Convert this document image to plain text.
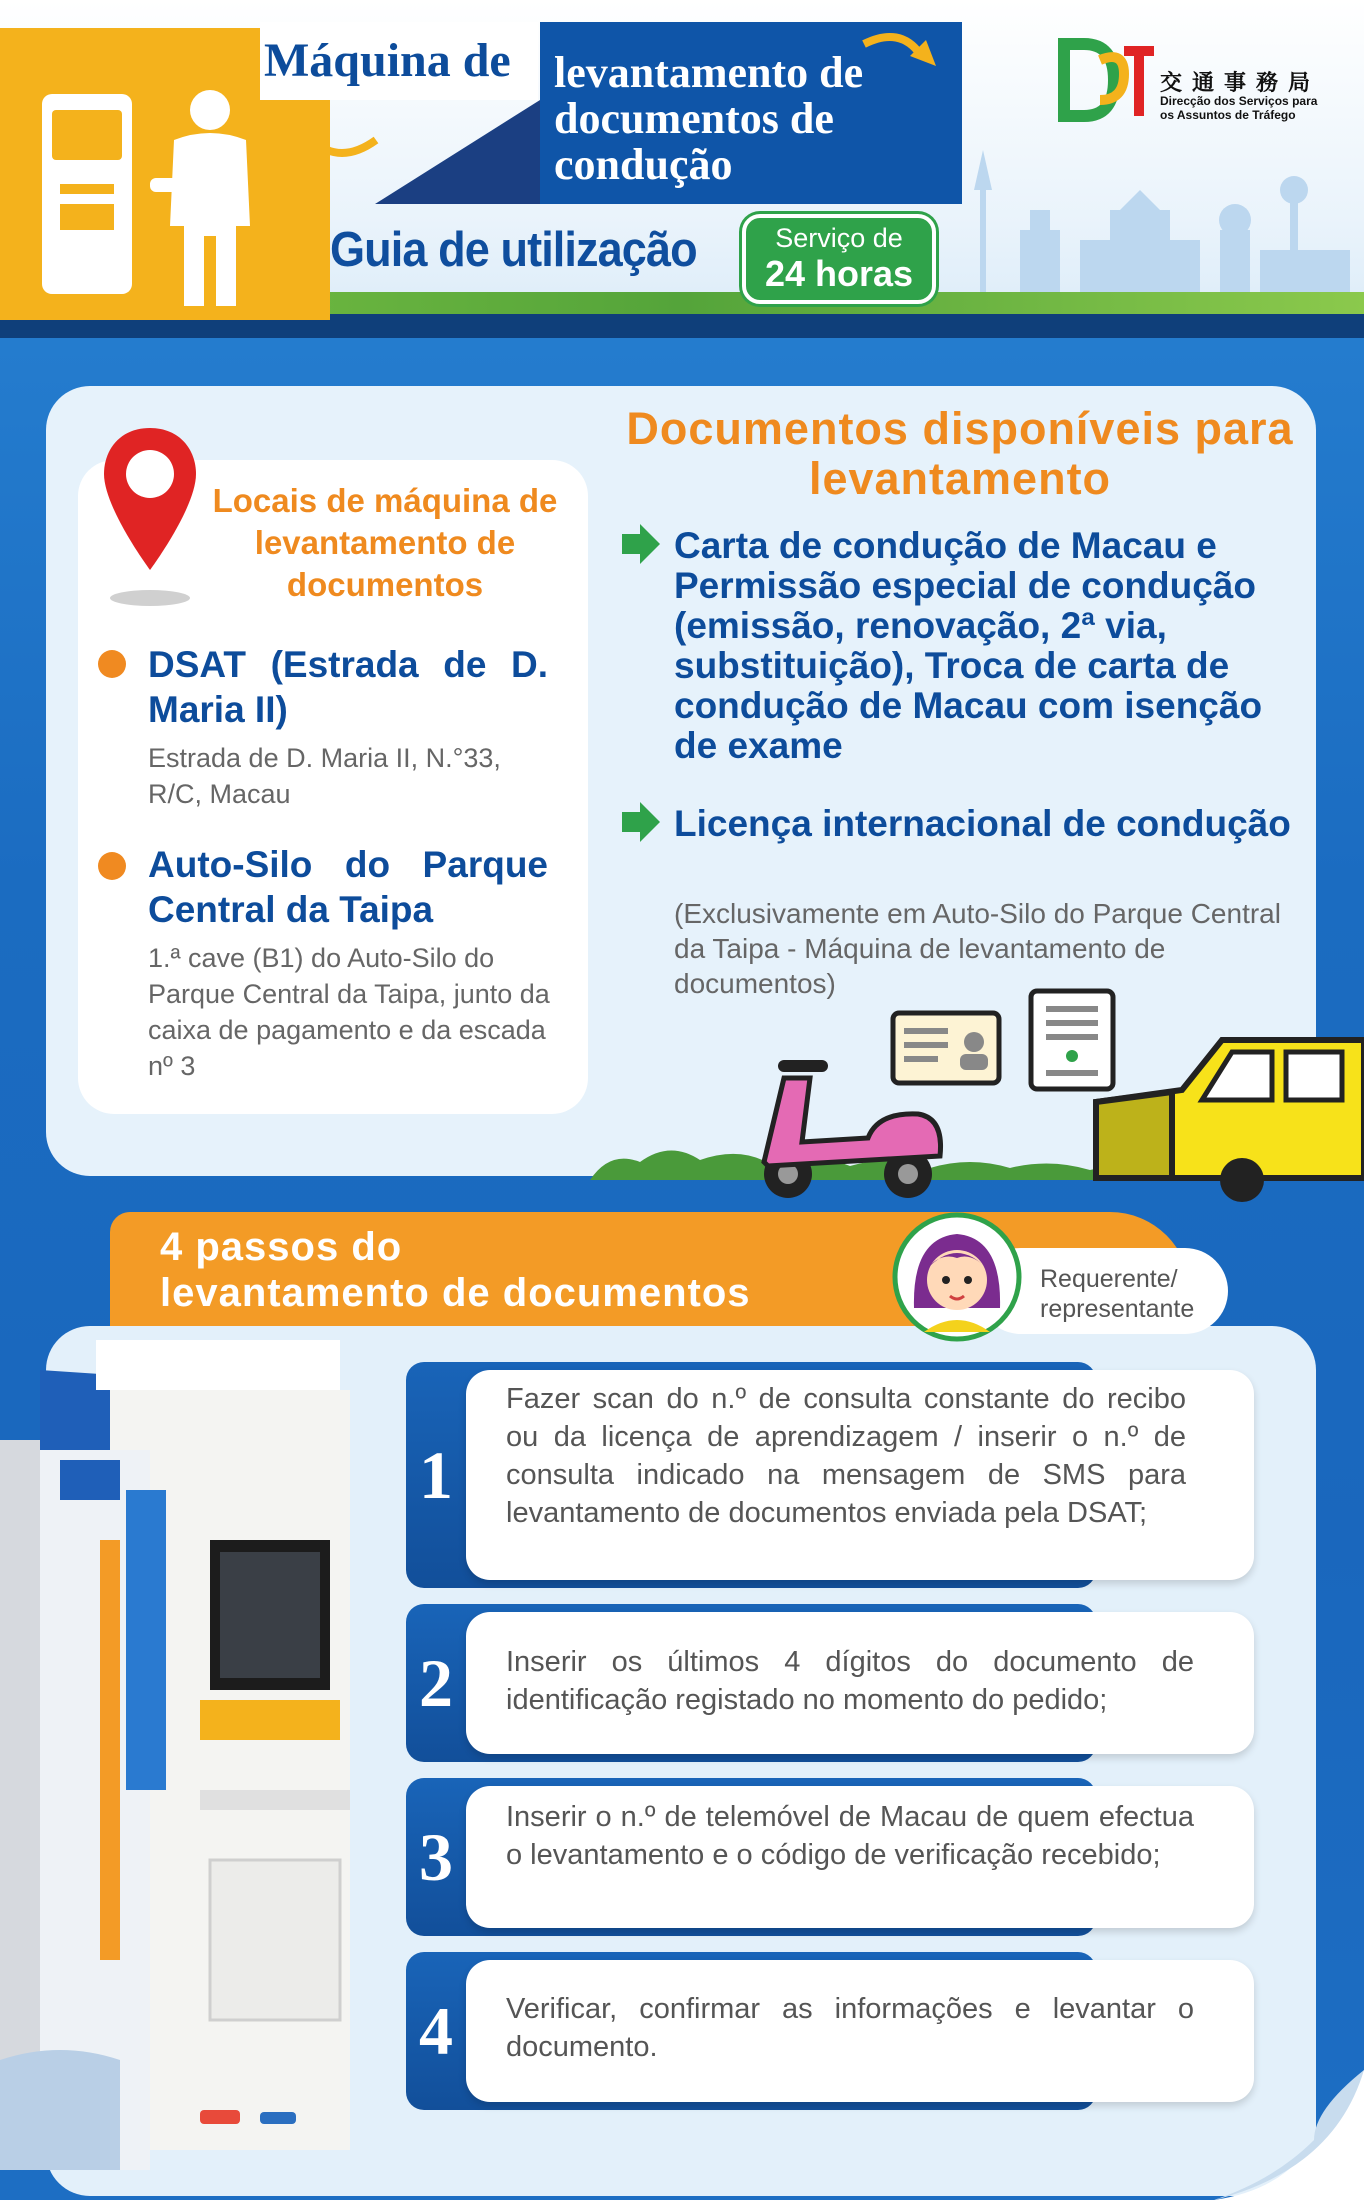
Máquina de levantamento de documentos de condução
Guia de utilização	Serviço de
24 horas
交通事務局
Direcção dos Serviços para os Assuntos de Tráfego
Locais de máquina de levantamento de documentos
DSAT (Estrada de D. Maria II)
Estrada de D. Maria II, N.°33, R/C, Macau
Auto-Silo do Parque Central da Taipa
1.ª cave (B1) do Auto-Silo do Parque Central da Taipa, junto da caixa de pagamento e da escada nº 3
Documentos disponíveis para levantamento
Carta de condução de Macau e Permissão especial de condução (emissão, renovação, 2ª via, substituição), Troca de carta de condução de Macau com isenção de exame
Licença internacional de condução
(Exclusivamente em Auto-Silo do Parque Central da Taipa - Máquina de levantamento de documentos)
4 passos do
levantamento de documentos	Requerente/ representante
1
Fazer scan do n.º de consulta constante do recibo ou da licença de aprendizagem / inserir o n.º de consulta indicado na mensagem de SMS para levantamento de documentos enviada pela DSAT;
2	Inserir os últimos 4 dígitos do documento de identificação registado no momento do pedido;
3
Inserir o n.º de telemóvel de Macau de quem efectua o levantamento e o código de verificação recebido;
4	Verificar, confirmar as informações e levantar o documento.
